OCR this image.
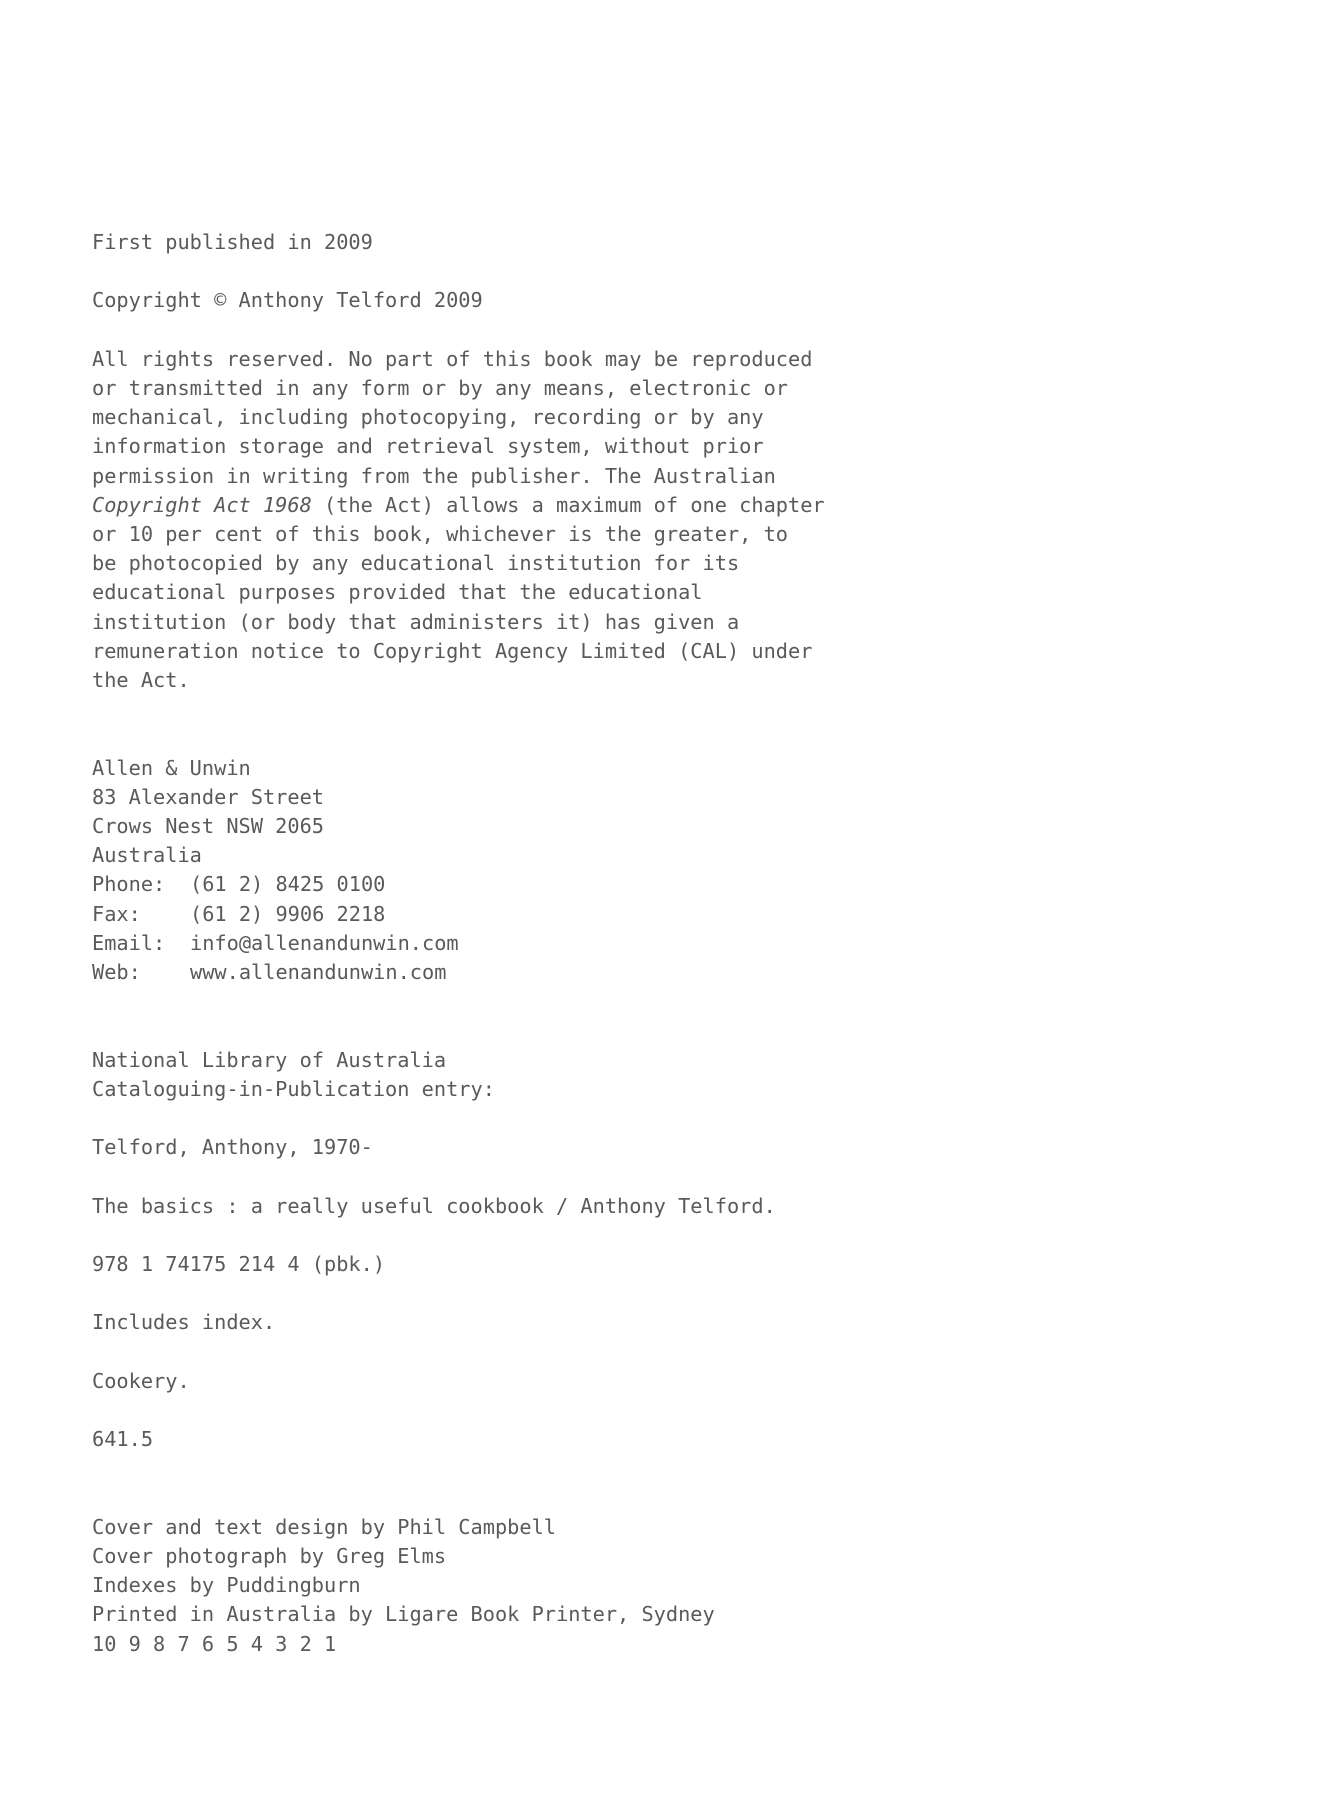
First published in 2009
Copyright © Anthony Telford 2009
All rights reserved. No part of this book may be reproduced
or transmitted in any form or by any means, electronic or
mechanical, including photocopying, recording or by any
information storage and retrieval system, without prior
permission in writing from the publisher. The Australian
Copyright Act 1968 (the Act) allows a maximum of one chapter
or 10 per cent of this book, whichever is the greater, to
be photocopied by any educational institution for its
educational purposes provided that the educational
institution (or body that administers it) has given a
remuneration notice to Copyright Agency Limited (CAL) under
the Act.
Allen & Unwin
83 Alexander Street
Crows Nest NSW 2065
Australia
Phone: (61 2) 8425 0100
Fax: (61 2) 9906 2218
Email: info@allenandunwin.com
Web: www.allenandunwin.com
National Library of Australia
Cataloguing-in-Publication entry:
Telford, Anthony, 1970-
The basics : a really useful cookbook / Anthony Telford.
978 1 74175 214 4 (pbk.)
Includes index.
Cookery.
641.5
Cover and text design by Phil Campbell
Cover photograph by Greg Elms
Indexes by Puddingburn
Printed in Australia by Ligare Book Printer, Sydney
10 9 8 7 6 5 4 3 2 1
